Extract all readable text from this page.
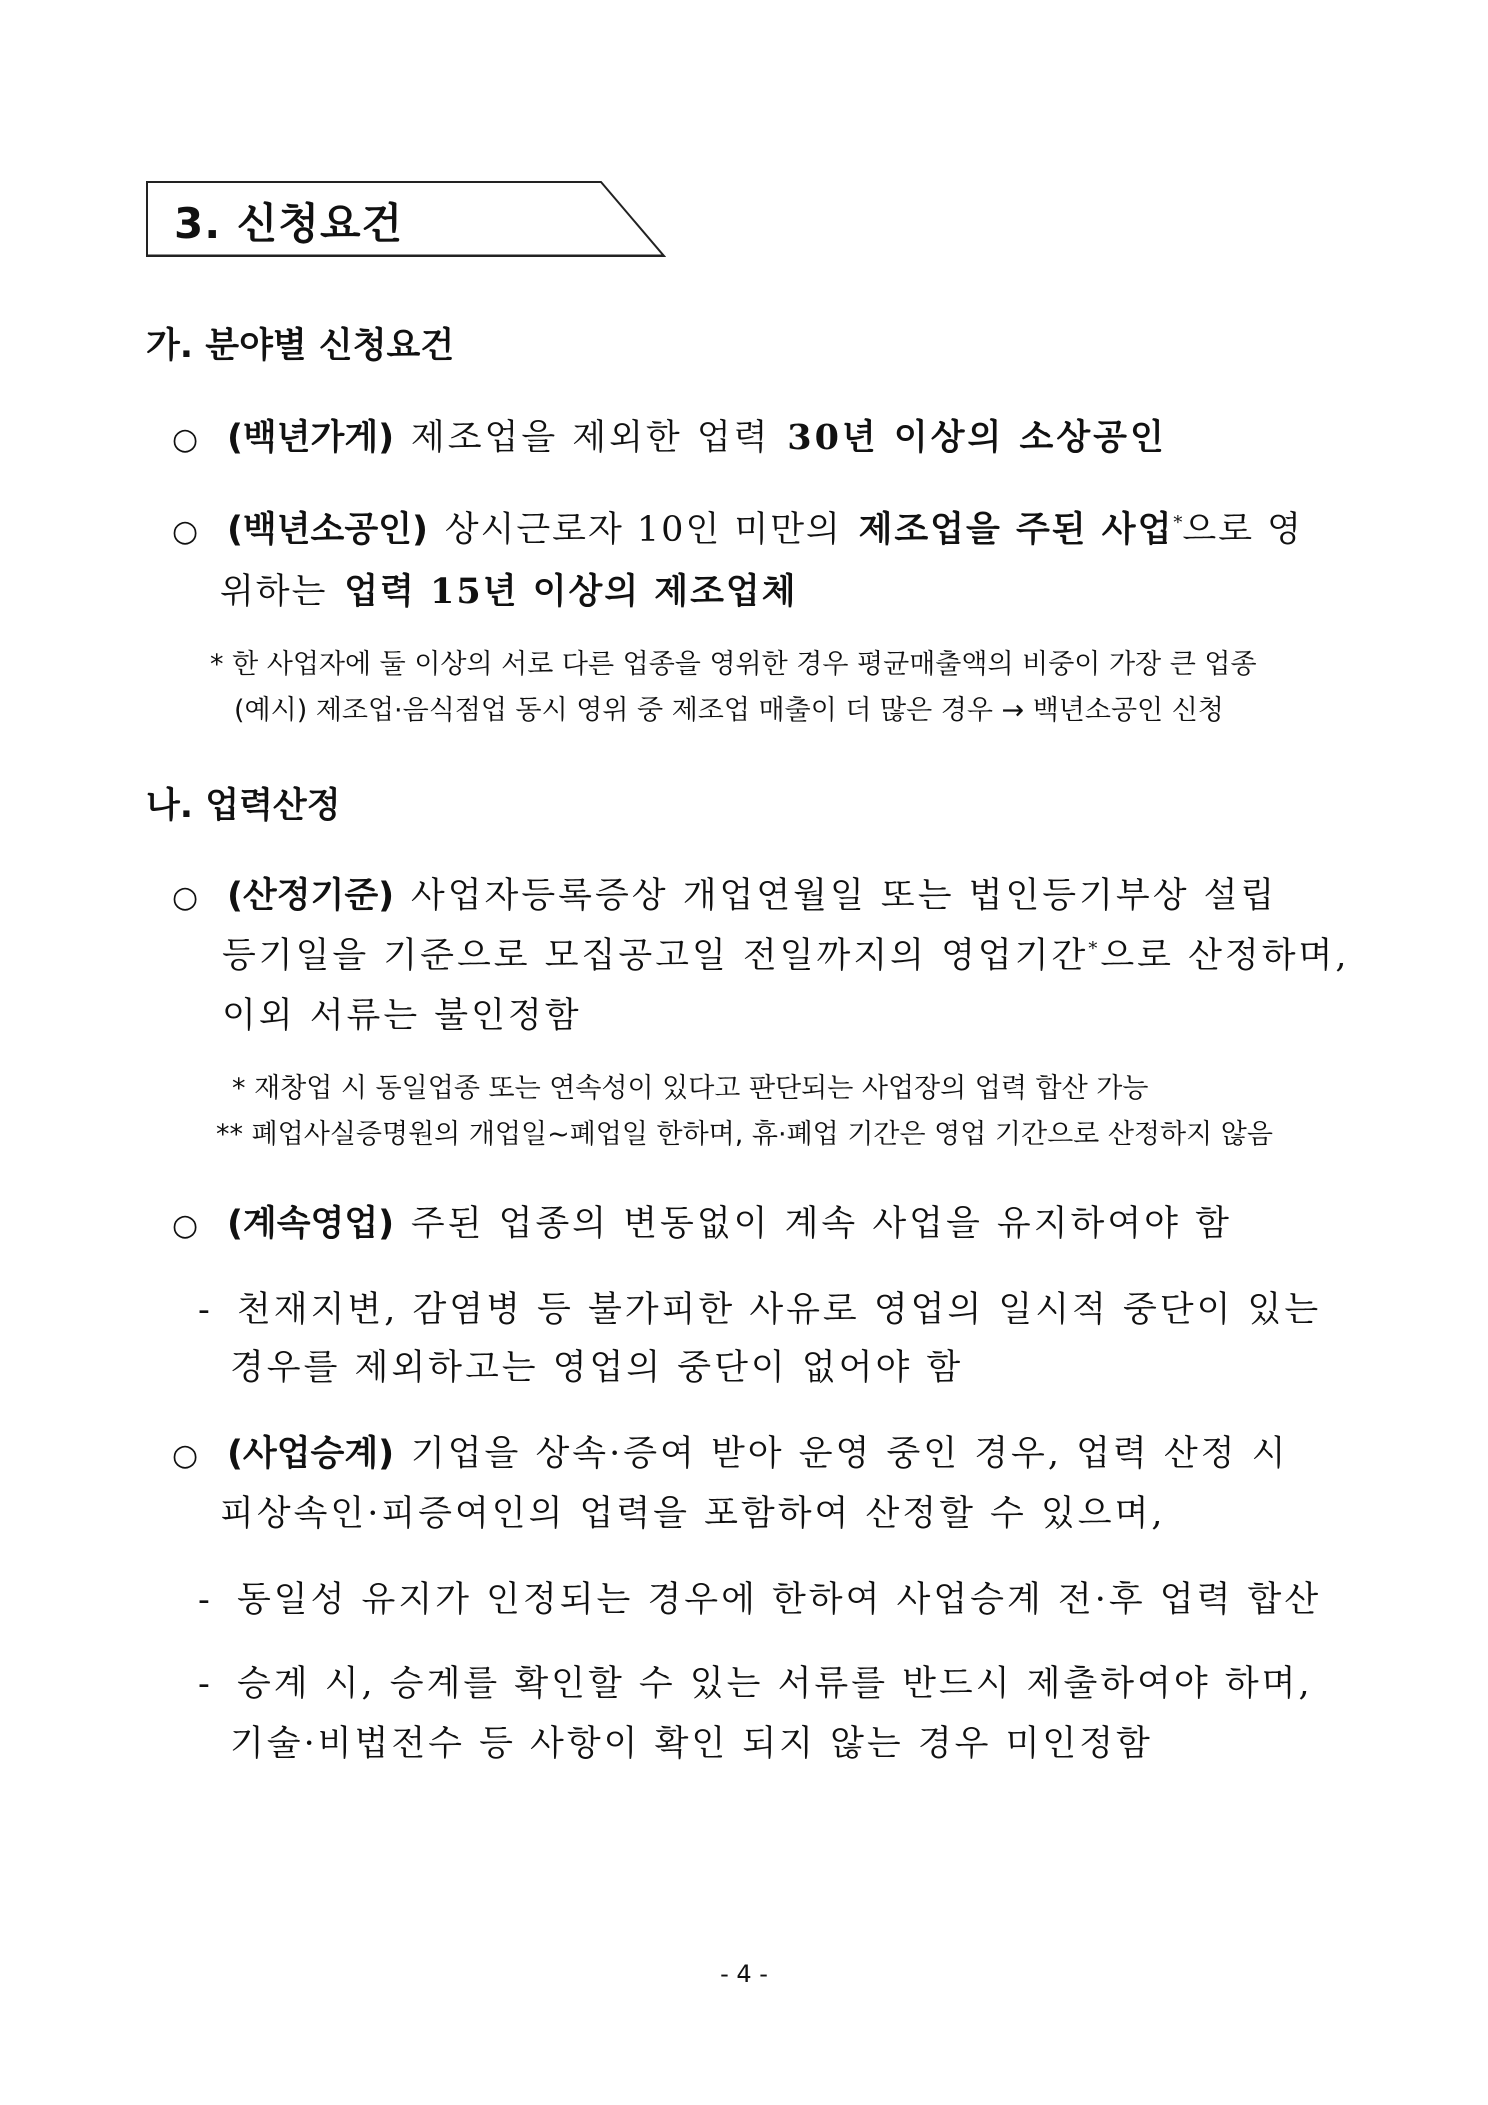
3. 신청요건
가. 분야별 신청요건
○ (백년가게) 제조업을 제외한 업력 30년 이상의 소상공인
○ (백년소공인) 상시근로자 10인 미만의 제조업을 주된 사업*으로 영
위하는 업력 15년 이상의 제조업체
* 한 사업자에 둘 이상의 서로 다른 업종을 영위한 경우 평균매출액의 비중이 가장 큰 업종
(예시) 제조업·음식점업 동시 영위 중 제조업 매출이 더 많은 경우 → 백년소공인 신청
나. 업력산정
○ (산정기준) 사업자등록증상 개업연월일 또는 법인등기부상 설립
등기일을 기준으로 모집공고일 전일까지의 영업기간*으로 산정하며,
이외 서류는 불인정함
* 재창업 시 동일업종 또는 연속성이 있다고 판단되는 사업장의 업력 합산 가능
** 폐업사실증명원의 개업일~폐업일 한하며, 휴·폐업 기간은 영업 기간으로 산정하지 않음
○ (계속영업) 주된 업종의 변동없이 계속 사업을 유지하여야 함
- 천재지변, 감염병 등 불가피한 사유로 영업의 일시적 중단이 있는
경우를 제외하고는 영업의 중단이 없어야 함
○ (사업승계) 기업을 상속·증여 받아 운영 중인 경우, 업력 산정 시
피상속인·피증여인의 업력을 포함하여 산정할 수 있으며,
- 동일성 유지가 인정되는 경우에 한하여 사업승계 전·후 업력 합산
- 승계 시, 승계를 확인할 수 있는 서류를 반드시 제출하여야 하며,
기술·비법전수 등 사항이 확인 되지 않는 경우 미인정함
- 4 -
